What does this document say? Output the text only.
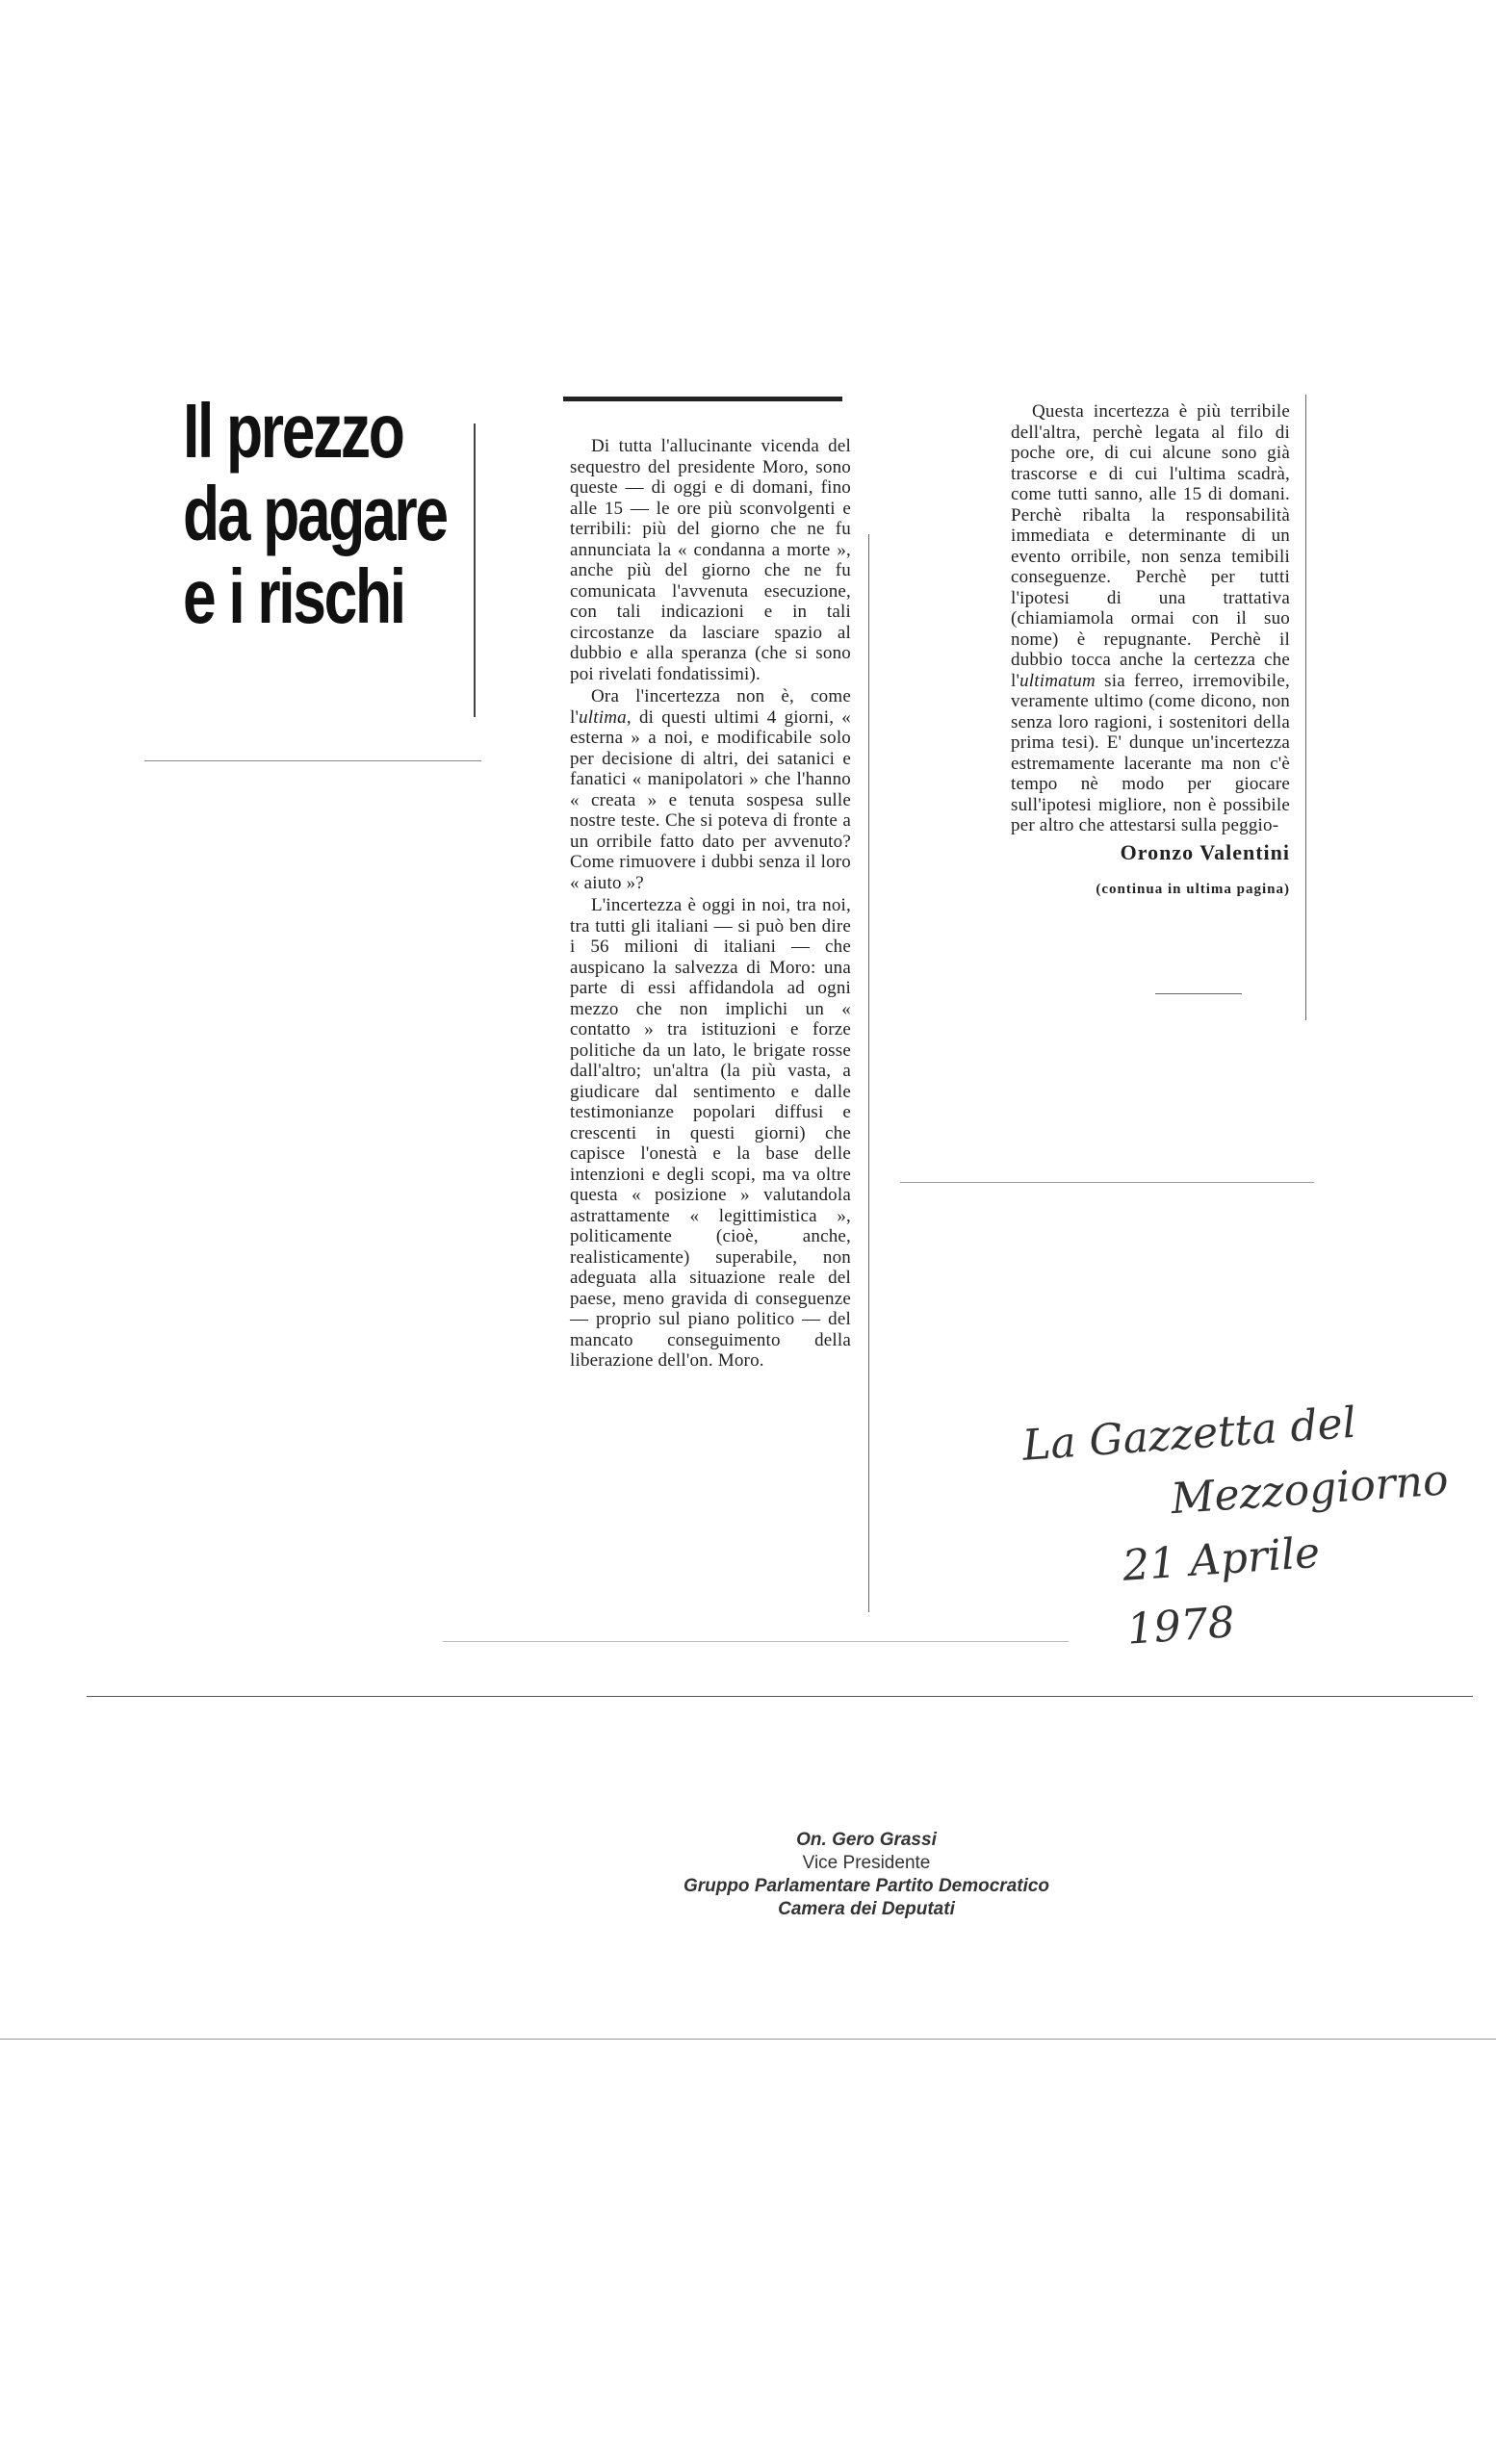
Il prezzo
da pagare
e i rischi

Di tutta l'allucinante vicenda del sequestro del presidente Moro, sono queste — di oggi e di domani, fino alle 15 — le ore più sconvolgenti e terribili: più del giorno che ne fu annunciata la « condanna a morte », anche più del giorno che ne fu comunicata l'avvenuta esecuzione, con tali indicazioni e in tali circostanze da lasciare spazio al dubbio e alla speranza (che si sono poi rivelati fondatissimi).

Ora l'incertezza non è, come l'ultima, di questi ultimi 4 giorni, « esterna » a noi, e modificabile solo per decisione di altri, dei satanici e fanatici « manipolatori » che l'hanno « creata » e tenuta sospesa sulle nostre teste. Che si poteva di fronte a un orribile fatto dato per avvenuto? Come rimuovere i dubbi senza il loro « aiuto »?

L'incertezza è oggi in noi, tra noi, tra tutti gli italiani — si può ben dire i 56 milioni di italiani — che auspicano la salvezza di Moro: una parte di essi affidandola ad ogni mezzo che non implichi un « contatto » tra istituzioni e forze politiche da un lato, le brigate rosse dall'altro; un'altra (la più vasta, a giudicare dal sentimento e dalle testimonianze popolari diffusi e crescenti in questi giorni) che capisce l'onestà e la base delle intenzioni e degli scopi, ma va oltre questa « posizione » valutandola astrattamente « legittimistica », politicamente (cioè, anche, realisticamente) superabile, non adeguata alla situazione reale del paese, meno gravida di conseguenze — proprio sul piano politico — del mancato conseguimento della liberazione dell'on. Moro.

Questa incertezza è più terribile dell'altra, perchè legata al filo di poche ore, di cui alcune sono già trascorse e di cui l'ultima scadrà, come tutti sanno, alle 15 di domani. Perchè ribalta la responsabilità immediata e determinante di un evento orribile, non senza temibili conseguenze. Perchè per tutti l'ipotesi di una trattativa (chiamiamola ormai con il suo nome) è repugnante. Perchè il dubbio tocca anche la certezza che l'ultimatum sia ferreo, irremovibile, veramente ultimo (come dicono, non senza loro ragioni, i sostenitori della prima tesi). E' dunque un'incertezza estremamente lacerante ma non c'è tempo nè modo per giocare sull'ipotesi migliore, non è possibile per altro che attestarsi sulla peggio-

Oronzo Valentini
(continua in ultima pagina)
La Gazzetta del
Mezzogiorno
21 Aprile 1978
On. Gero Grassi
Vice Presidente
Gruppo Parlamentare Partito Democratico
Camera dei Deputati
